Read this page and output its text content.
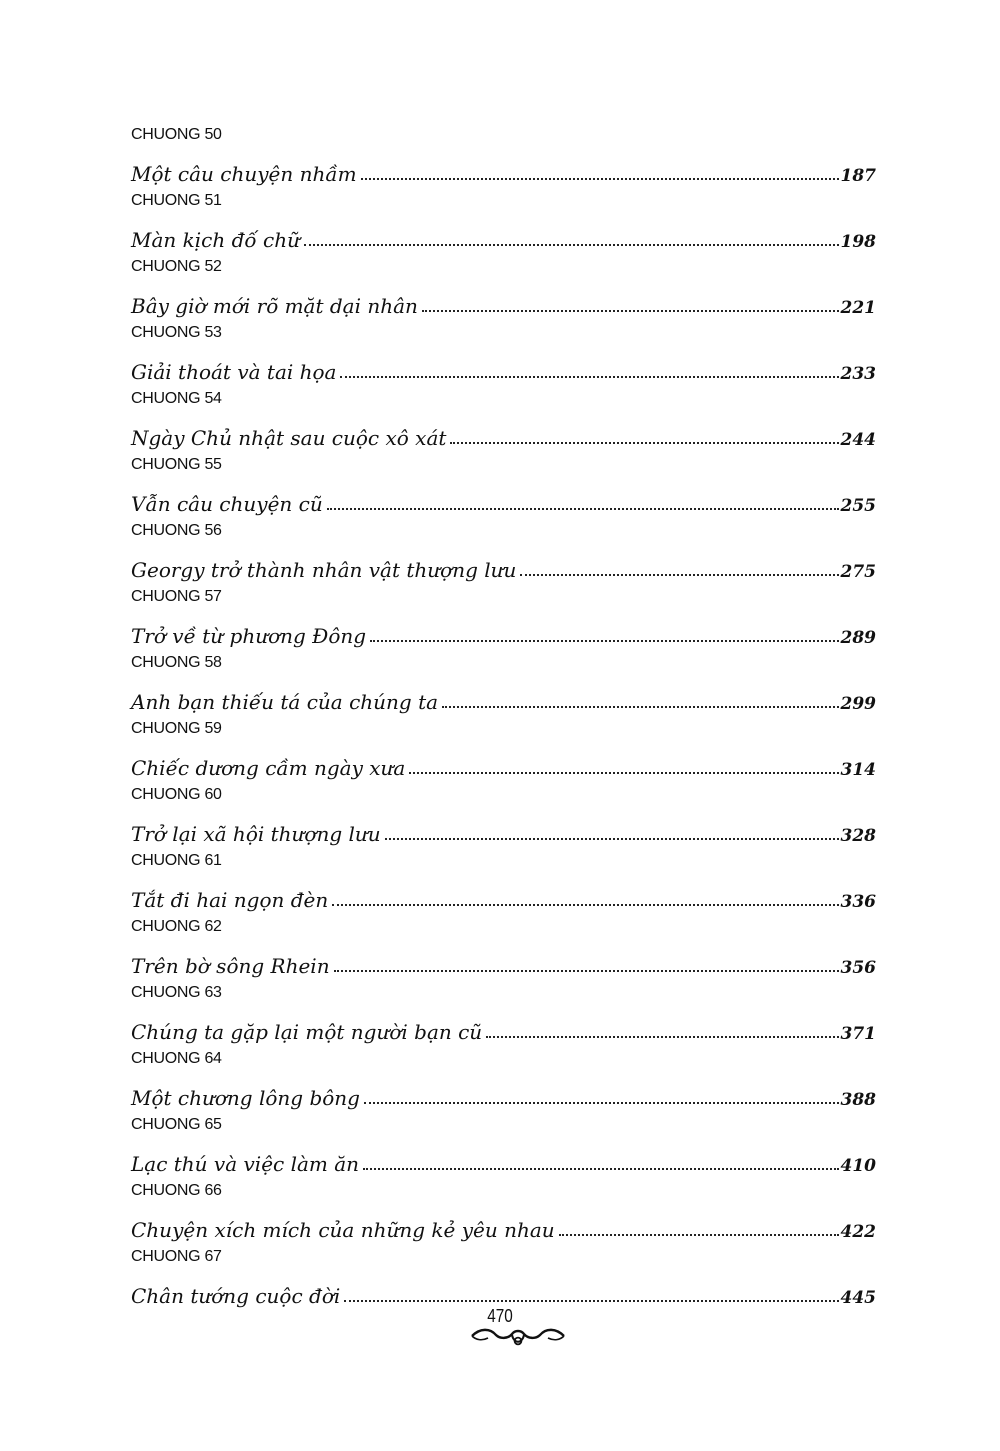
CHUONG 50
Một câu chuyện nhầm	187
CHUONG 51
Màn kịch đố chữ	198
CHUONG 52
Bây giờ mới rõ mặt dại nhân	221
CHUONG 53
Giải thoát và tai họa	233
CHUONG 54
Ngày Chủ nhật sau cuộc xô xát	244
CHUONG 55
Vẫn câu chuyện cũ	255
CHUONG 56
Georgy trở thành nhân vật thượng lưu	275
CHUONG 57
Trở về từ phương Đông	289
CHUONG 58
Anh bạn thiếu tá của chúng ta	299
CHUONG 59
Chiếc dương cầm ngày xưa	314
CHUONG 60
Trở lại xã hội thượng lưu	328
CHUONG 61
Tắt đi hai ngọn đèn	336
CHUONG 62
Trên bờ sông Rhein	356
CHUONG 63
Chúng ta gặp lại một người bạn cũ	371
CHUONG 64
Một chương lông bông	388
CHUONG 65
Lạc thú và việc làm ăn	410
CHUONG 66
Chuyện xích mích của những kẻ yêu nhau	422
CHUONG 67
Chân tướng cuộc đời	445
470
